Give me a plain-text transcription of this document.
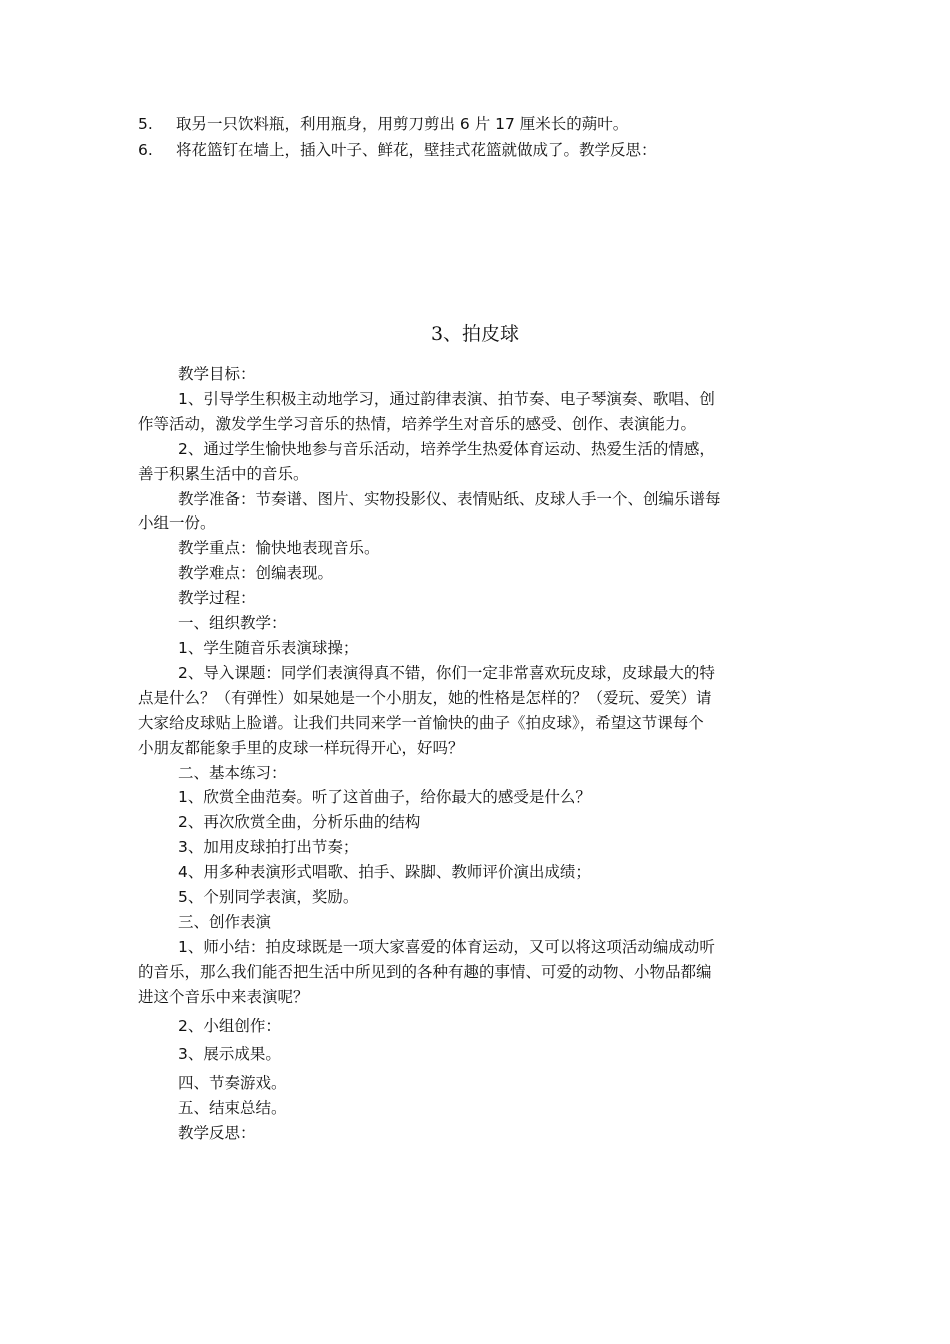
5. 取另一只饮料瓶，利用瓶身，用剪刀剪出 6 片 17 厘米长的蒴叶。
6. 将花篮钉在墙上，插入叶子、鲜花，壁挂式花篮就做成了。教学反思：
3、拍皮球

教学目标：

1、引导学生积极主动地学习，通过韵律表演、拍节奏、电子琴演奏、歌唱、创

作等活动，激发学生学习音乐的热情，培养学生对音乐的感受、创作、表演能力。

2、通过学生愉快地参与音乐活动，培养学生热爱体育运动、热爱生活的情感，

善于积累生活中的音乐。

教学准备：节奏谱、图片、实物投影仪、表情贴纸、皮球人手一个、创编乐谱每

小组一份。

教学重点：愉快地表现音乐。

教学难点：创编表现。

教学过程：

一、组织教学：

1、学生随音乐表演球操；

2、导入课题：同学们表演得真不错，你们一定非常喜欢玩皮球，皮球最大的特

点是什么？（有弹性）如杲她是一个小朋友，她的性格是怎样的？（爱玩、爱笑）请

大家给皮球贴上脸谱。让我们共同来学一首愉快的曲子《拍皮球》，希望这节课每个

小朋友都能象手里的皮球一样玩得开心，好吗？

二、基本练习：

1、欣赏全曲范奏。听了这首曲子，给你最大的感受是什么？

2、再次欣赏全曲，分析乐曲的结构

3、加用皮球拍打出节奏；

4、用多种表演形式唱歌、拍手、跺脚、教师评价演出成绩；

5、个别同学表演，奖励。

三、创作表演

1、师小结：拍皮球既是一项大家喜爱的体育运动，又可以将这项活动编成动听

的音乐，那么我们能否把生活中所见到的各种有趣的事情、可爱的动物、小物品都编

进这个音乐中来表演呢？

2、小组创作：

3、展示成果。

四、节奏游戏。

五、结束总结。

教学反思：
